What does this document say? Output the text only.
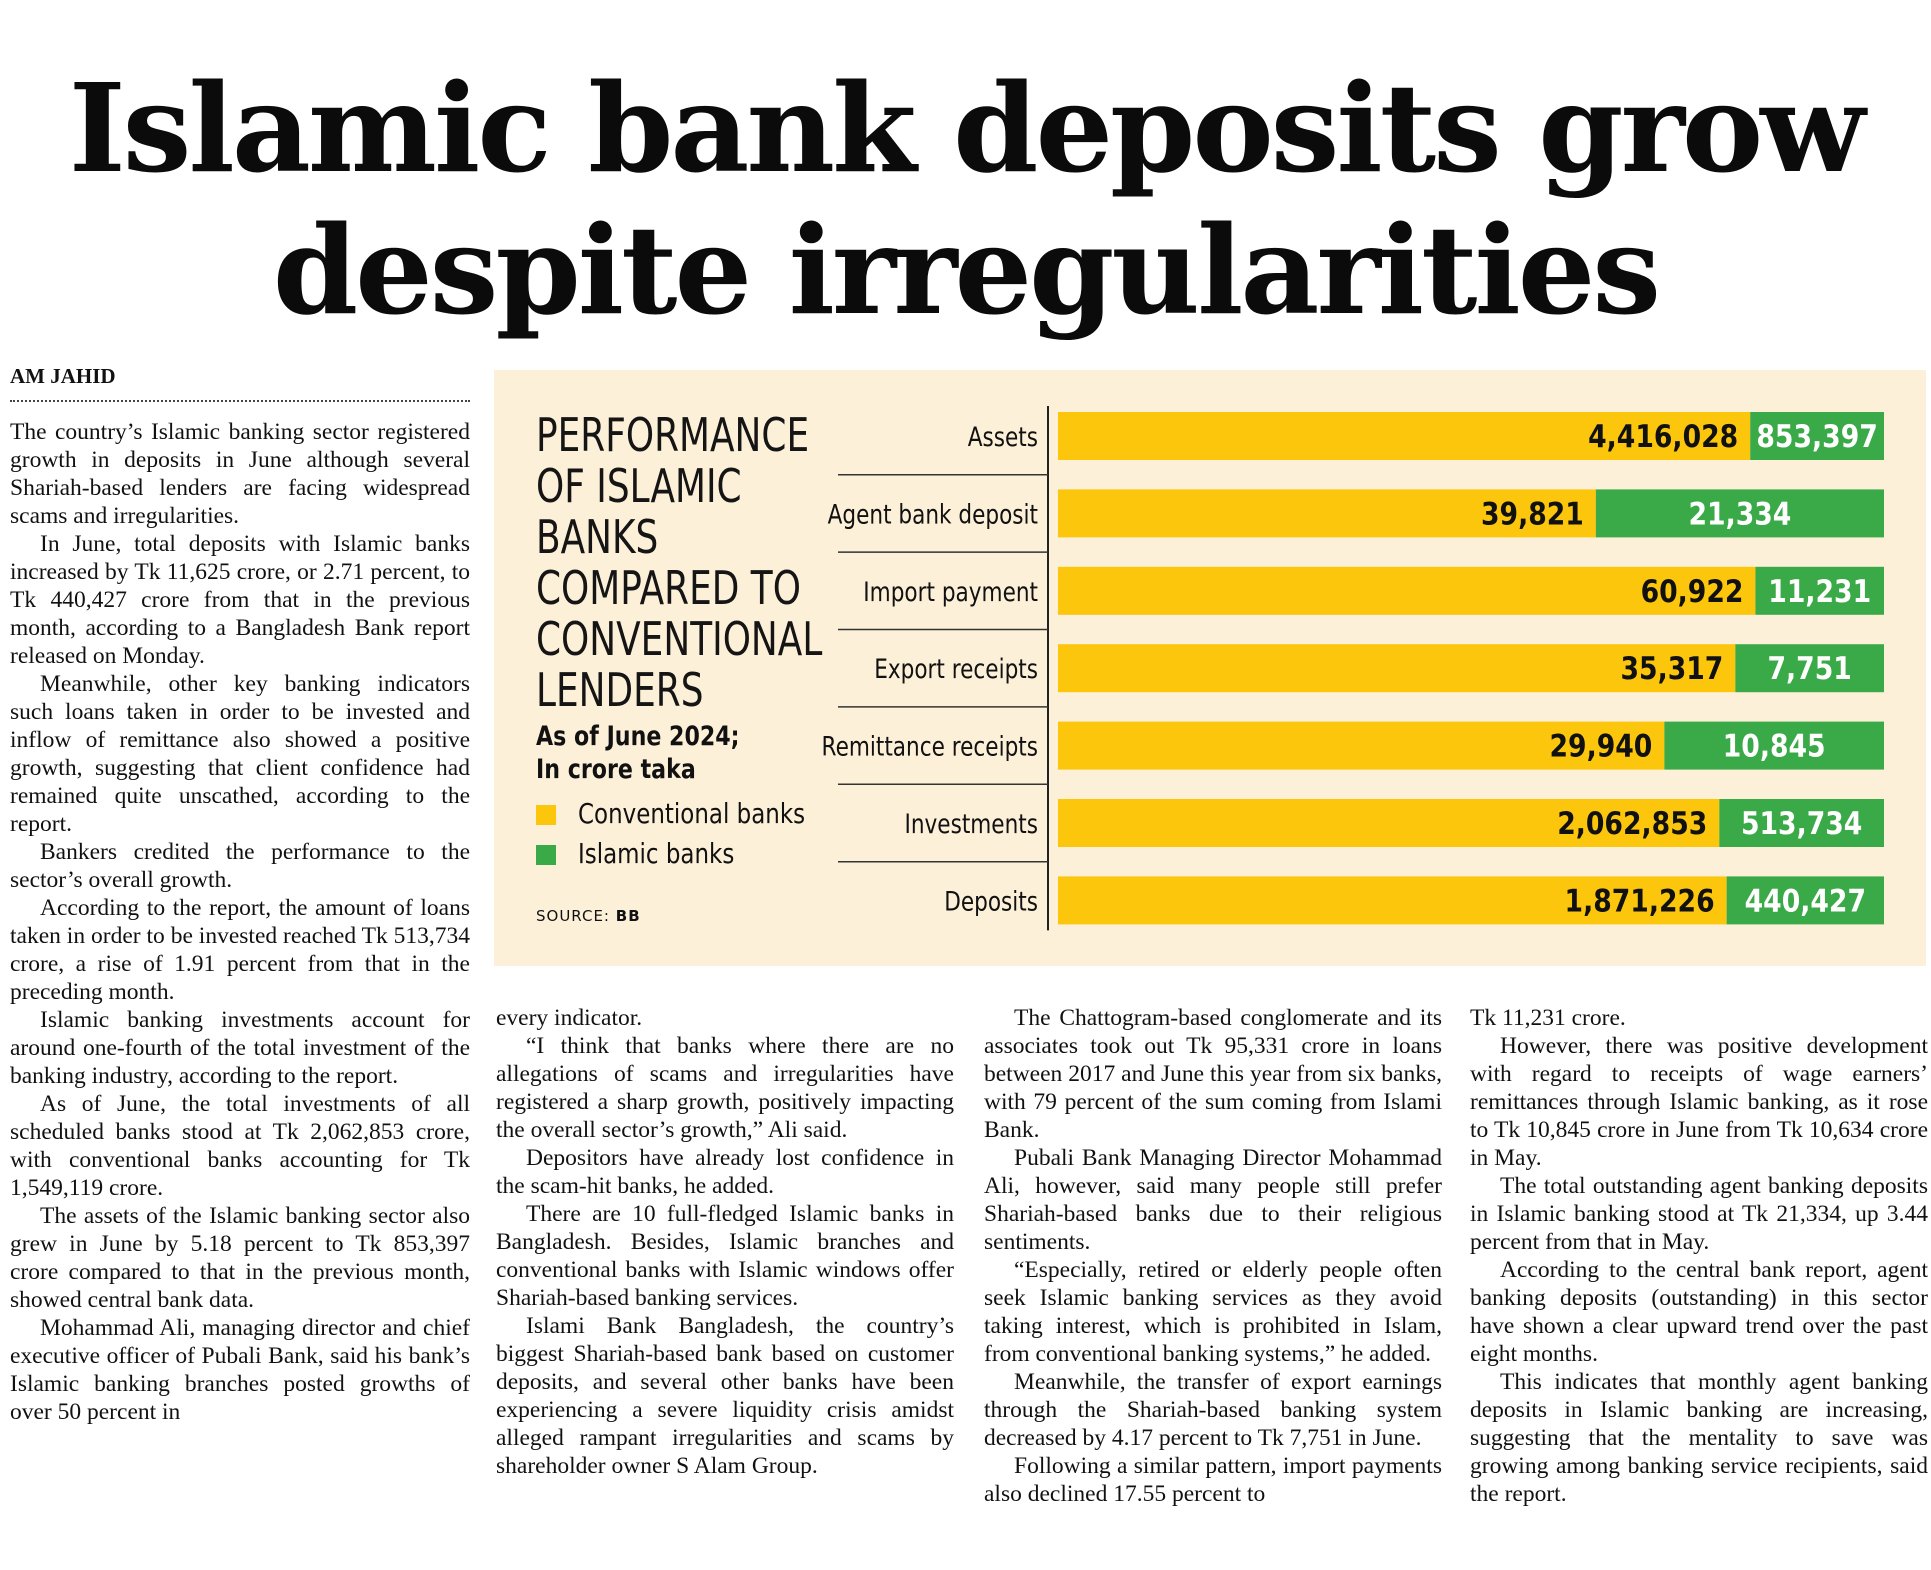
Islamic bank deposits grow
despite irregularities
AM JAHID
PERFORMANCE
OF ISLAMIC
BANKS
COMPARED TO
CONVENTIONAL
LENDERS
As of June 2024;
In crore taka
Conventional banks
Islamic banks
SOURCE: BB
4,416,028 853,397
Assets
39,821	21,334
Agent bank deposit
60,922 11,231
Import payment
35,317 7,751
Export receipts
29,940 10,845
Remittance receipts
2,062,853 513,734
Investments
1,871,226 440,427
Deposits

The country’s Islamic banking sector registered growth in deposits in June although several Shariah-based lenders are facing widespread scams and irregularities.

In June, total deposits with Islamic banks increased by Tk 11,625 crore, or 2.71 percent, to Tk 440,427 crore from that in the previous month, according to a Bangladesh Bank report released on Monday.

Meanwhile, other key banking indicators such loans taken in order to be invested and inflow of remittance also showed a positive growth, suggesting that client confidence had remained quite unscathed, according to the report.

Bankers credited the performance to the sector’s overall growth.

According to the report, the amount of loans taken in order to be invested reached Tk 513,734 crore, a rise of 1.91 percent from that in the preceding month.

Islamic banking investments account for around one-fourth of the total investment of the banking industry, according to the report.

As of June, the total investments of all scheduled banks stood at Tk 2,062,853 crore, with conventional banks accounting for Tk 1,549,119 crore.

The assets of the Islamic banking sector also grew in June by 5.18 percent to Tk 853,397 crore compared to that in the previous month, showed central bank data.

Mohammad Ali, managing director and chief executive officer of Pubali Bank, said his bank’s Islamic banking branches posted growths of over 50 percent in

every indicator.

“I think that banks where there are no allegations of scams and irregularities have registered a sharp growth, positively impacting the overall sector’s growth,” Ali said.

Depositors have already lost confidence in the scam-hit banks, he added.

There are 10 full-fledged Islamic banks in Bangladesh. Besides, Islamic branches and conventional banks with Islamic windows offer Shariah-based banking services.

Islami Bank Bangladesh, the country’s biggest Shariah-based bank based on customer deposits, and several other banks have been experiencing a severe liquidity crisis amidst alleged rampant irregularities and scams by shareholder owner S Alam Group.

The Chattogram-based conglomerate and its associates took out Tk 95,331 crore in loans between 2017 and June this year from six banks, with 79 percent of the sum coming from Islami Bank.

Pubali Bank Managing Director Mohammad Ali, however, said many people still prefer Shariah-based banks due to their religious sentiments.

“Especially, retired or elderly people often seek Islamic banking services as they avoid taking interest, which is prohibited in Islam, from conventional banking systems,” he added.

Meanwhile, the transfer of export earnings through the Shariah-based banking system decreased by 4.17 percent to Tk 7,751 in June.

Following a similar pattern, import payments also declined 17.55 percent to

Tk 11,231 crore.

However, there was positive development with regard to receipts of wage earners’ remittances through Islamic banking, as it rose to Tk 10,845 crore in June from Tk 10,634 crore in May.

The total outstanding agent banking deposits in Islamic banking stood at Tk 21,334, up 3.44 percent from that in May.

According to the central bank report, agent banking deposits (outstanding) in this sector have shown a clear upward trend over the past eight months.

This indicates that monthly agent banking deposits in Islamic banking are increasing, suggesting that the mentality to save was growing among banking service recipients, said the report.
